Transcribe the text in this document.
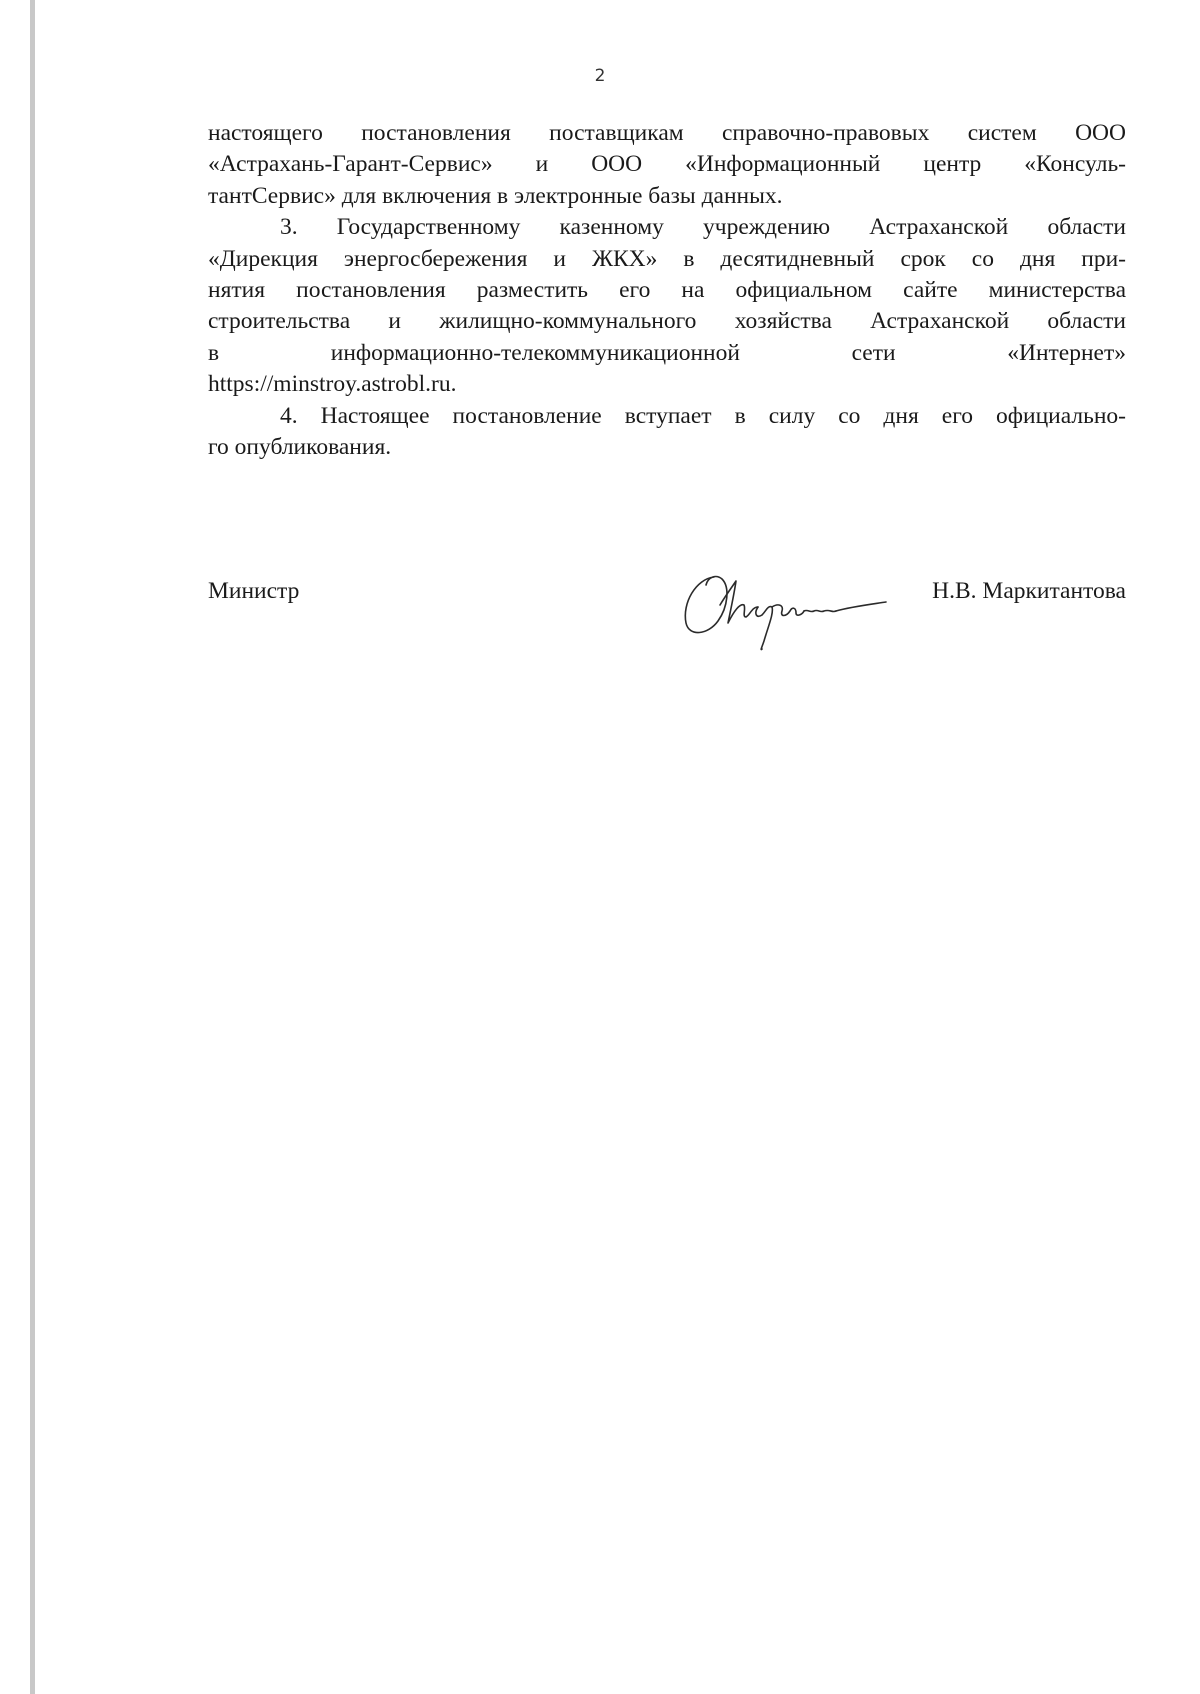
2

настоящего постановления поставщикам справочно-правовых систем ООО
«Астрахань-Гарант-Сервис» и ООО «Информационный центр «Консуль-
тантСервис» для включения в электронные базы данных.

3. Государственному казенному учреждению Астраханской области
«Дирекция энергосбережения и ЖКХ» в десятидневный срок со дня при-
нятия постановления разместить его на официальном сайте министерства
строительства и жилищно-коммунального хозяйства Астраханской области
в информационно-телекоммуникационной сети «Интернет»
https://minstroy.astrobl.ru.

4. Настоящее постановление вступает в силу со дня его официально-
го опубликования.

Министр	Н.В. Маркитантова
